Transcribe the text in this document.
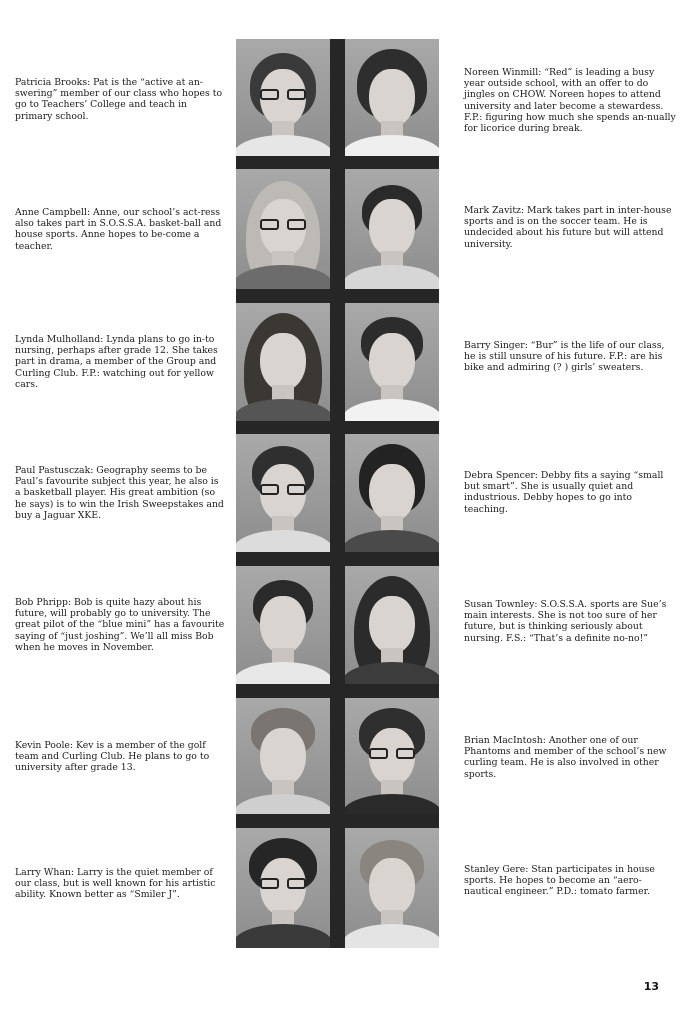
Patricia Brooks: Pat is the “active at an-swering” member of our class who hopes to go to Teachers’ College and teach in primary school.
Anne Campbell: Anne, our school’s act-ress also takes part in S.O.S.S.A. basket-ball and house sports. Anne hopes to be-come a teacher.
Lynda Mulholland: Lynda plans to go in-to nursing, perhaps after grade 12. She takes part in drama, a member of the Group and Curling Club. F.P.: watching out for yellow cars.
Paul Pastusczak: Geography seems to be Paul’s favourite subject this year, he also is a basketball player. His great ambition (so he says) is to win the Irish Sweepstakes and buy a Jaguar XKE.
Bob Phripp: Bob is quite hazy about his future, will probably go to university. The great pilot of the “blue mini” has a favourite saying of “just joshing”. We’ll all miss Bob when he moves in November.
Kevin Poole: Kev is a member of the golf team and Curling Club. He plans to go to university after grade 13.
Larry Whan: Larry is the quiet member of our class, but is well known for his artistic ability. Known better as “Smiler J”.
Noreen Winmill: “Red” is leading a busy year outside school, with an offer to do jingles on CHOW. Noreen hopes to attend university and later become a stewardess. F.P.: figuring how much she spends an-nually for licorice during break.
Mark Zavitz: Mark takes part in inter-house sports and is on the soccer team. He is undecided about his future but will attend university.
Barry Singer: “Bur” is the life of our class, he is still unsure of his future. F.P.: are his bike and admiring (? ) girls’ sweaters.
Debra Spencer: Debby fits a saying “small but smart”. She is usually quiet and industrious. Debby hopes to go into teaching.
Susan Townley: S.O.S.S.A. sports are Sue’s main interests. She is not too sure of her future, but is thinking seriously about nursing. F.S.: “That’s a definite no-no!”
Brian MacIntosh: Another one of our Phantoms and member of the school’s new curling team. He is also involved in other sports.
Stanley Gere: Stan participates in house sports. He hopes to become an “aero-nautical engineer.” P.D.: tomato farmer.
13
